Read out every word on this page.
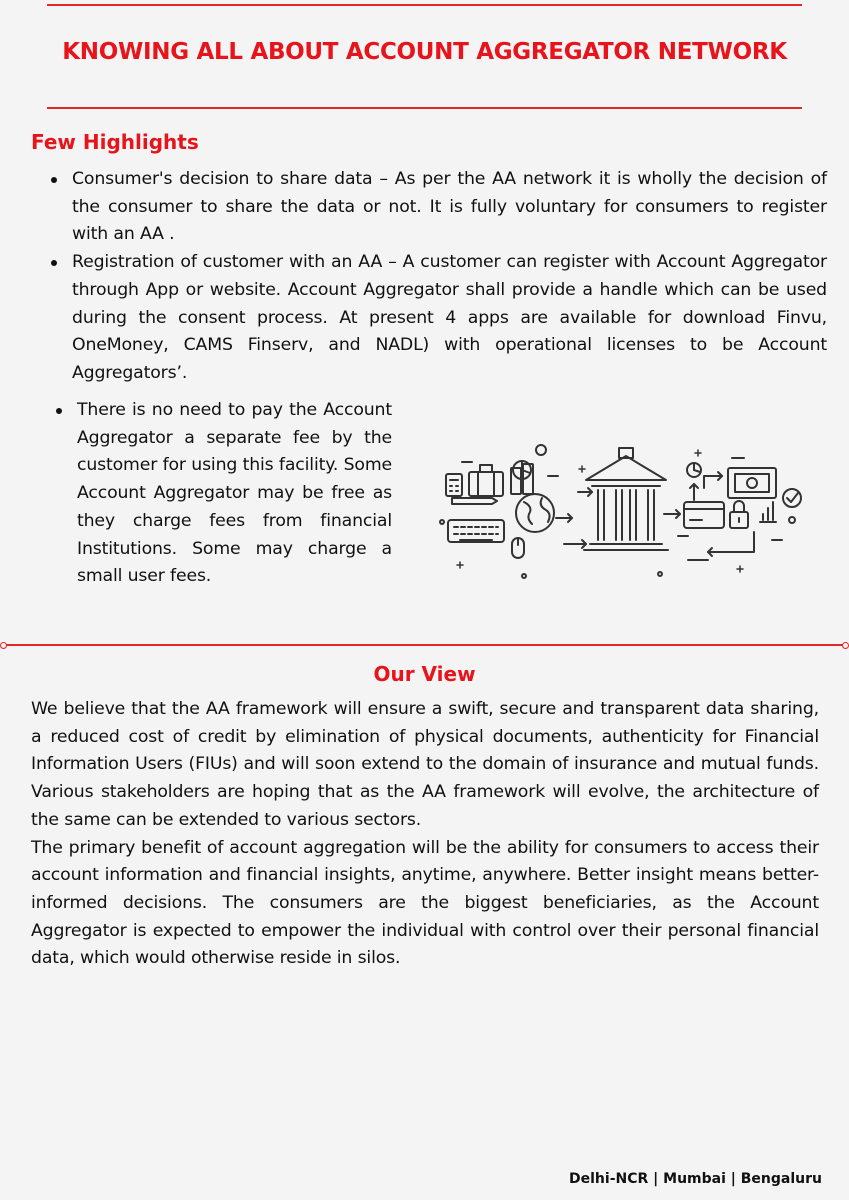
KNOWING ALL ABOUT ACCOUNT AGGREGATOR NETWORK
Few Highlights
Consumer's decision to share data – As per the AA network it is wholly the decision of the consumer to share the data or not. It is fully voluntary for consumers to register with an AA .
Registration of customer with an AA – A customer can register with Account Aggregator through App or website. Account Aggregator shall provide a handle which can be used during the consent process. At present 4 apps are available for download Finvu, OneMoney, CAMS Finserv, and NADL) with operational licenses to be Account Aggregators’.
There is no need to pay the Account Aggregator a separate fee by the customer for using this facility. Some Account Aggregator may be free as they charge fees from financial Institutions. Some may charge a small user fees.
Our View

We believe that the AA framework will ensure a swift, secure and transparent data sharing, a reduced cost of credit by elimination of physical documents, authenticity for Financial Information Users (FIUs) and will soon extend to the domain of insurance and mutual funds. Various stakeholders are hoping that as the AA framework will evolve, the architecture of the same can be extended to various sectors.

The primary benefit of account aggregation will be the ability for consumers to access their account information and financial insights, anytime, anywhere. Better insight means better-informed decisions. The consumers are the biggest beneficiaries, as the Account Aggregator is expected to empower the individual with control over their personal financial data, which would otherwise reside in silos.

Delhi-NCR | Mumbai | Bengaluru
